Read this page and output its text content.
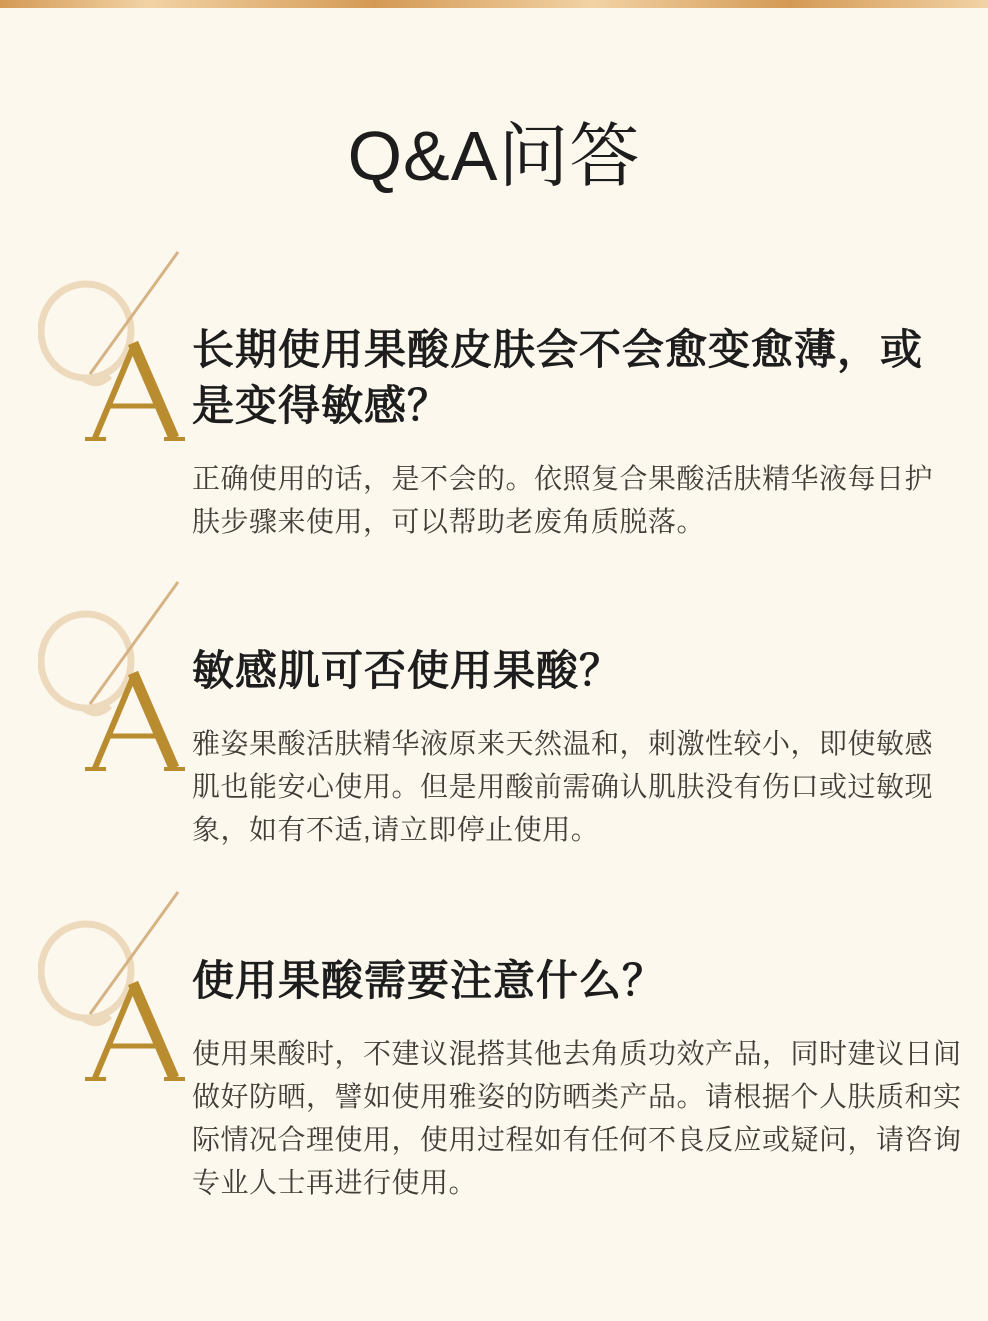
Q&A问答
长期使用果酸皮肤会不会愈变愈薄，或
是变得敏感？
正确使用的话，是不会的。依照复合果酸活肤精华液每日护
肤步骤来使用，可以帮助老废角质脱落。
敏感肌可否使用果酸？
雅姿果酸活肤精华液原来天然温和，刺激性较小，即使敏感
肌也能安心使用。但是用酸前需确认肌肤没有伤口或过敏现
象，如有不适,请立即停止使用。
使用果酸需要注意什么？
使用果酸时，不建议混搭其他去角质功效产品，同时建议日间
做好防晒，譬如使用雅姿的防晒类产品。请根据个人肤质和实
际情况合理使用，使用过程如有任何不良反应或疑问，请咨询
专业人士再进行使用。
